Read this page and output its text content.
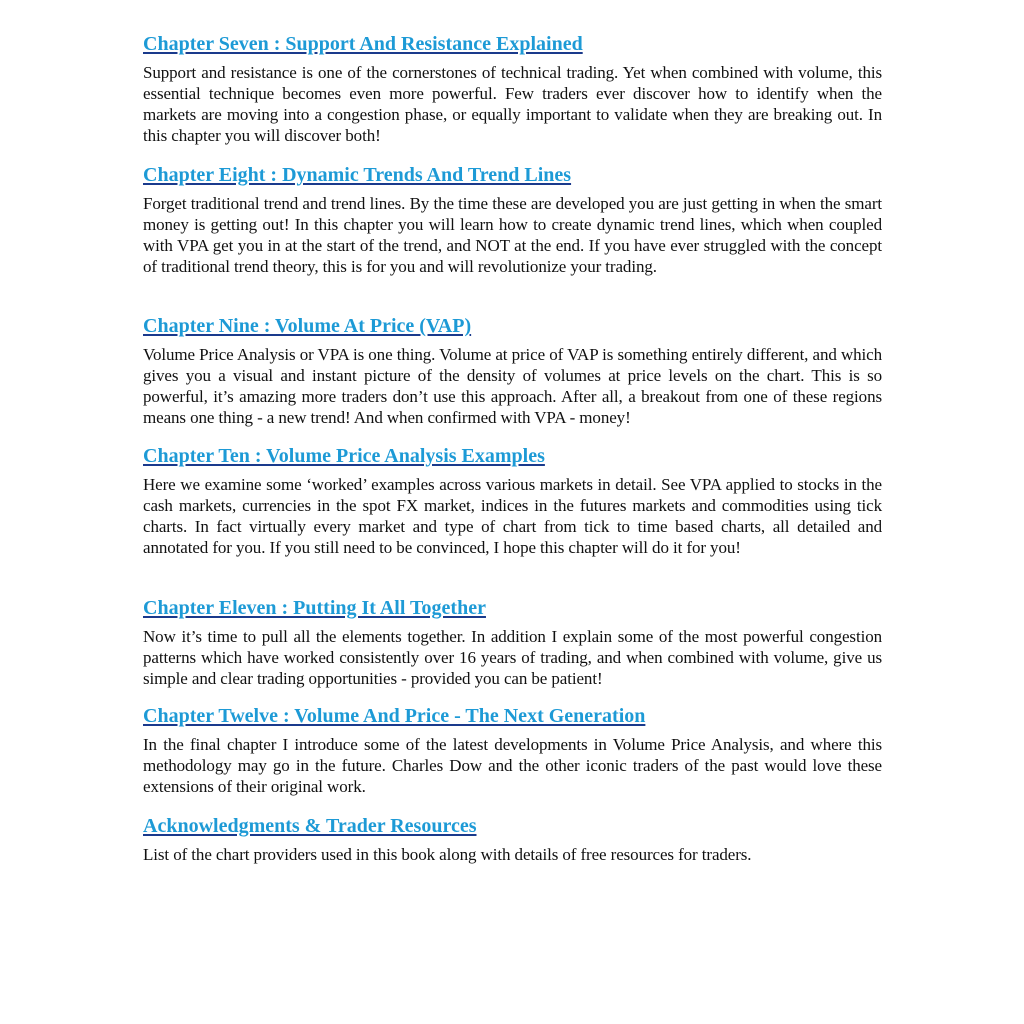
Chapter Seven : Support And Resistance Explained
Support and resistance is one of the cornerstones of technical trading. Yet when combined with volume, this essential technique becomes even more powerful. Few traders ever discover how to identify when the markets are moving into a congestion phase, or equally important to validate when they are breaking out. In this chapter you will discover both!
Chapter Eight : Dynamic Trends And Trend Lines
Forget traditional trend and trend lines. By the time these are developed you are just getting in when the smart money is getting out! In this chapter you will learn how to create dynamic trend lines, which when coupled with VPA get you in at the start of the trend, and NOT at the end. If you have ever struggled with the concept of traditional trend theory, this is for you and will revolutionize your trading.
Chapter Nine : Volume At Price (VAP)
Volume Price Analysis or VPA is one thing. Volume at price of VAP is something entirely different, and which gives you a visual and instant picture of the density of volumes at price levels on the chart. This is so powerful, it’s amazing more traders don’t use this approach. After all, a breakout from one of these regions means one thing - a new trend! And when confirmed with VPA - money!
Chapter Ten : Volume Price Analysis Examples
Here we examine some ‘worked’ examples across various markets in detail. See VPA applied to stocks in the cash markets, currencies in the spot FX market, indices in the futures markets and commodities using tick charts. In fact virtually every market and type of chart from tick to time based charts, all detailed and annotated for you. If you still need to be convinced, I hope this chapter will do it for you!
Chapter Eleven : Putting It All Together
Now it’s time to pull all the elements together. In addition I explain some of the most powerful congestion patterns which have worked consistently over 16 years of trading, and when combined with volume, give us simple and clear trading opportunities - provided you can be patient!
Chapter Twelve : Volume And Price - The Next Generation
In the final chapter I introduce some of the latest developments in Volume Price Analysis, and where this methodology may go in the future. Charles Dow and the other iconic traders of the past would love these extensions of their original work.
Acknowledgments & Trader Resources
List of the chart providers used in this book along with details of free resources for traders.
